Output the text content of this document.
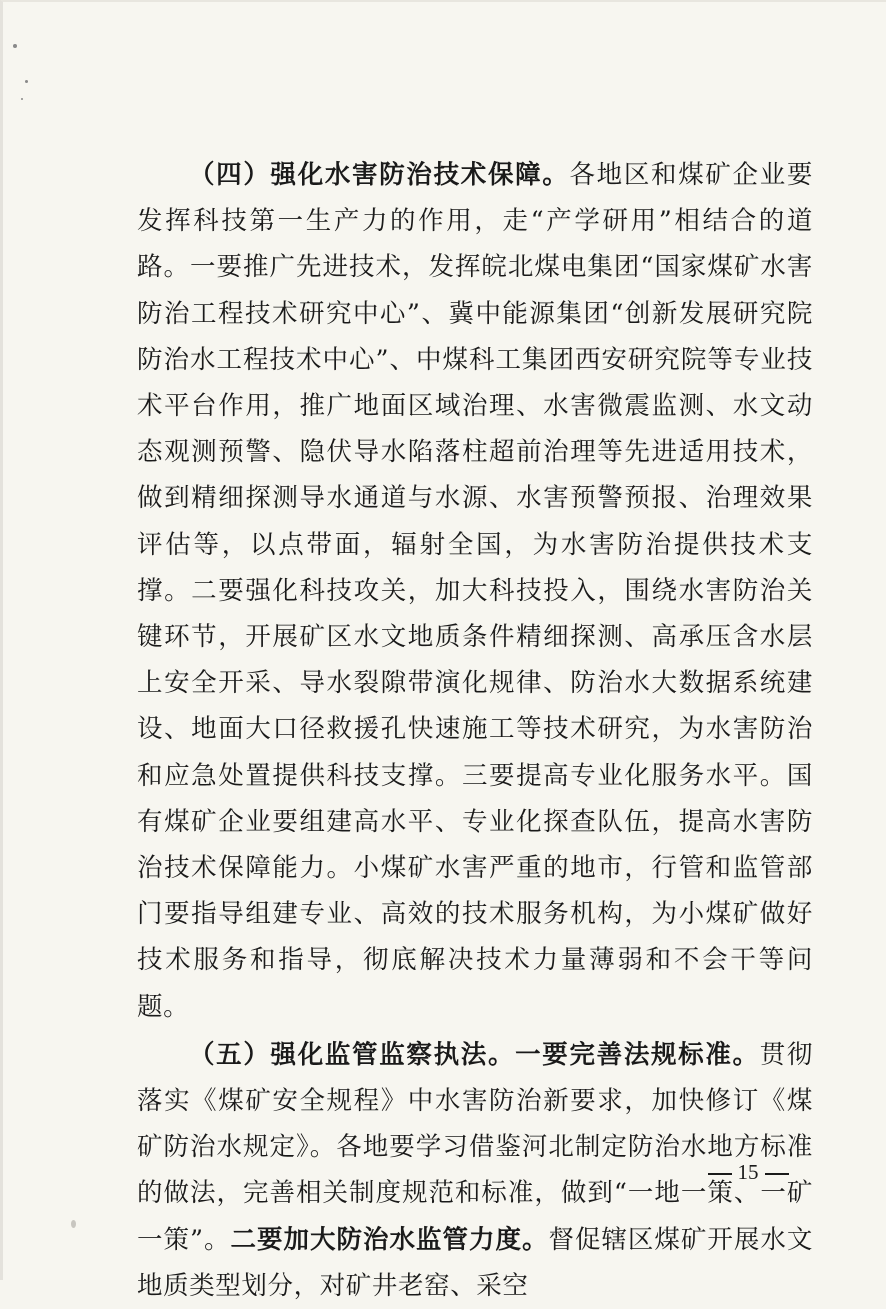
（四）强化水害防治技术保障。各地区和煤矿企业要发挥科技第一生产力的作用，走“产学研用”相结合的道路。一要推广先进技术，发挥皖北煤电集团“国家煤矿水害防治工程技术研究中心”、冀中能源集团“创新发展研究院防治水工程技术中心”、中煤科工集团西安研究院等专业技术平台作用，推广地面区域治理、水害微震监测、水文动态观测预警、隐伏导水陷落柱超前治理等先进适用技术，做到精细探测导水通道与水源、水害预警预报、治理效果评估等，以点带面，辐射全国，为水害防治提供技术支撑。二要强化科技攻关，加大科技投入，围绕水害防治关键环节，开展矿区水文地质条件精细探测、高承压含水层上安全开采、导水裂隙带演化规律、防治水大数据系统建设、地面大口径救援孔快速施工等技术研究，为水害防治和应急处置提供科技支撑。三要提高专业化服务水平。国有煤矿企业要组建高水平、专业化探查队伍，提高水害防治技术保障能力。小煤矿水害严重的地市，行管和监管部门要指导组建专业、高效的技术服务机构，为小煤矿做好技术服务和指导，彻底解决技术力量薄弱和不会干等问题。

（五）强化监管监察执法。一要完善法规标准。贯彻落实《煤矿安全规程》中水害防治新要求，加快修订《煤矿防治水规定》。各地要学习借鉴河北制定防治水地方标准的做法，完善相关制度规范和标准，做到“一地一策、一矿一策”。二要加大防治水监管力度。督促辖区煤矿开展水文地质类型划分，对矿井老窑、采空

15
